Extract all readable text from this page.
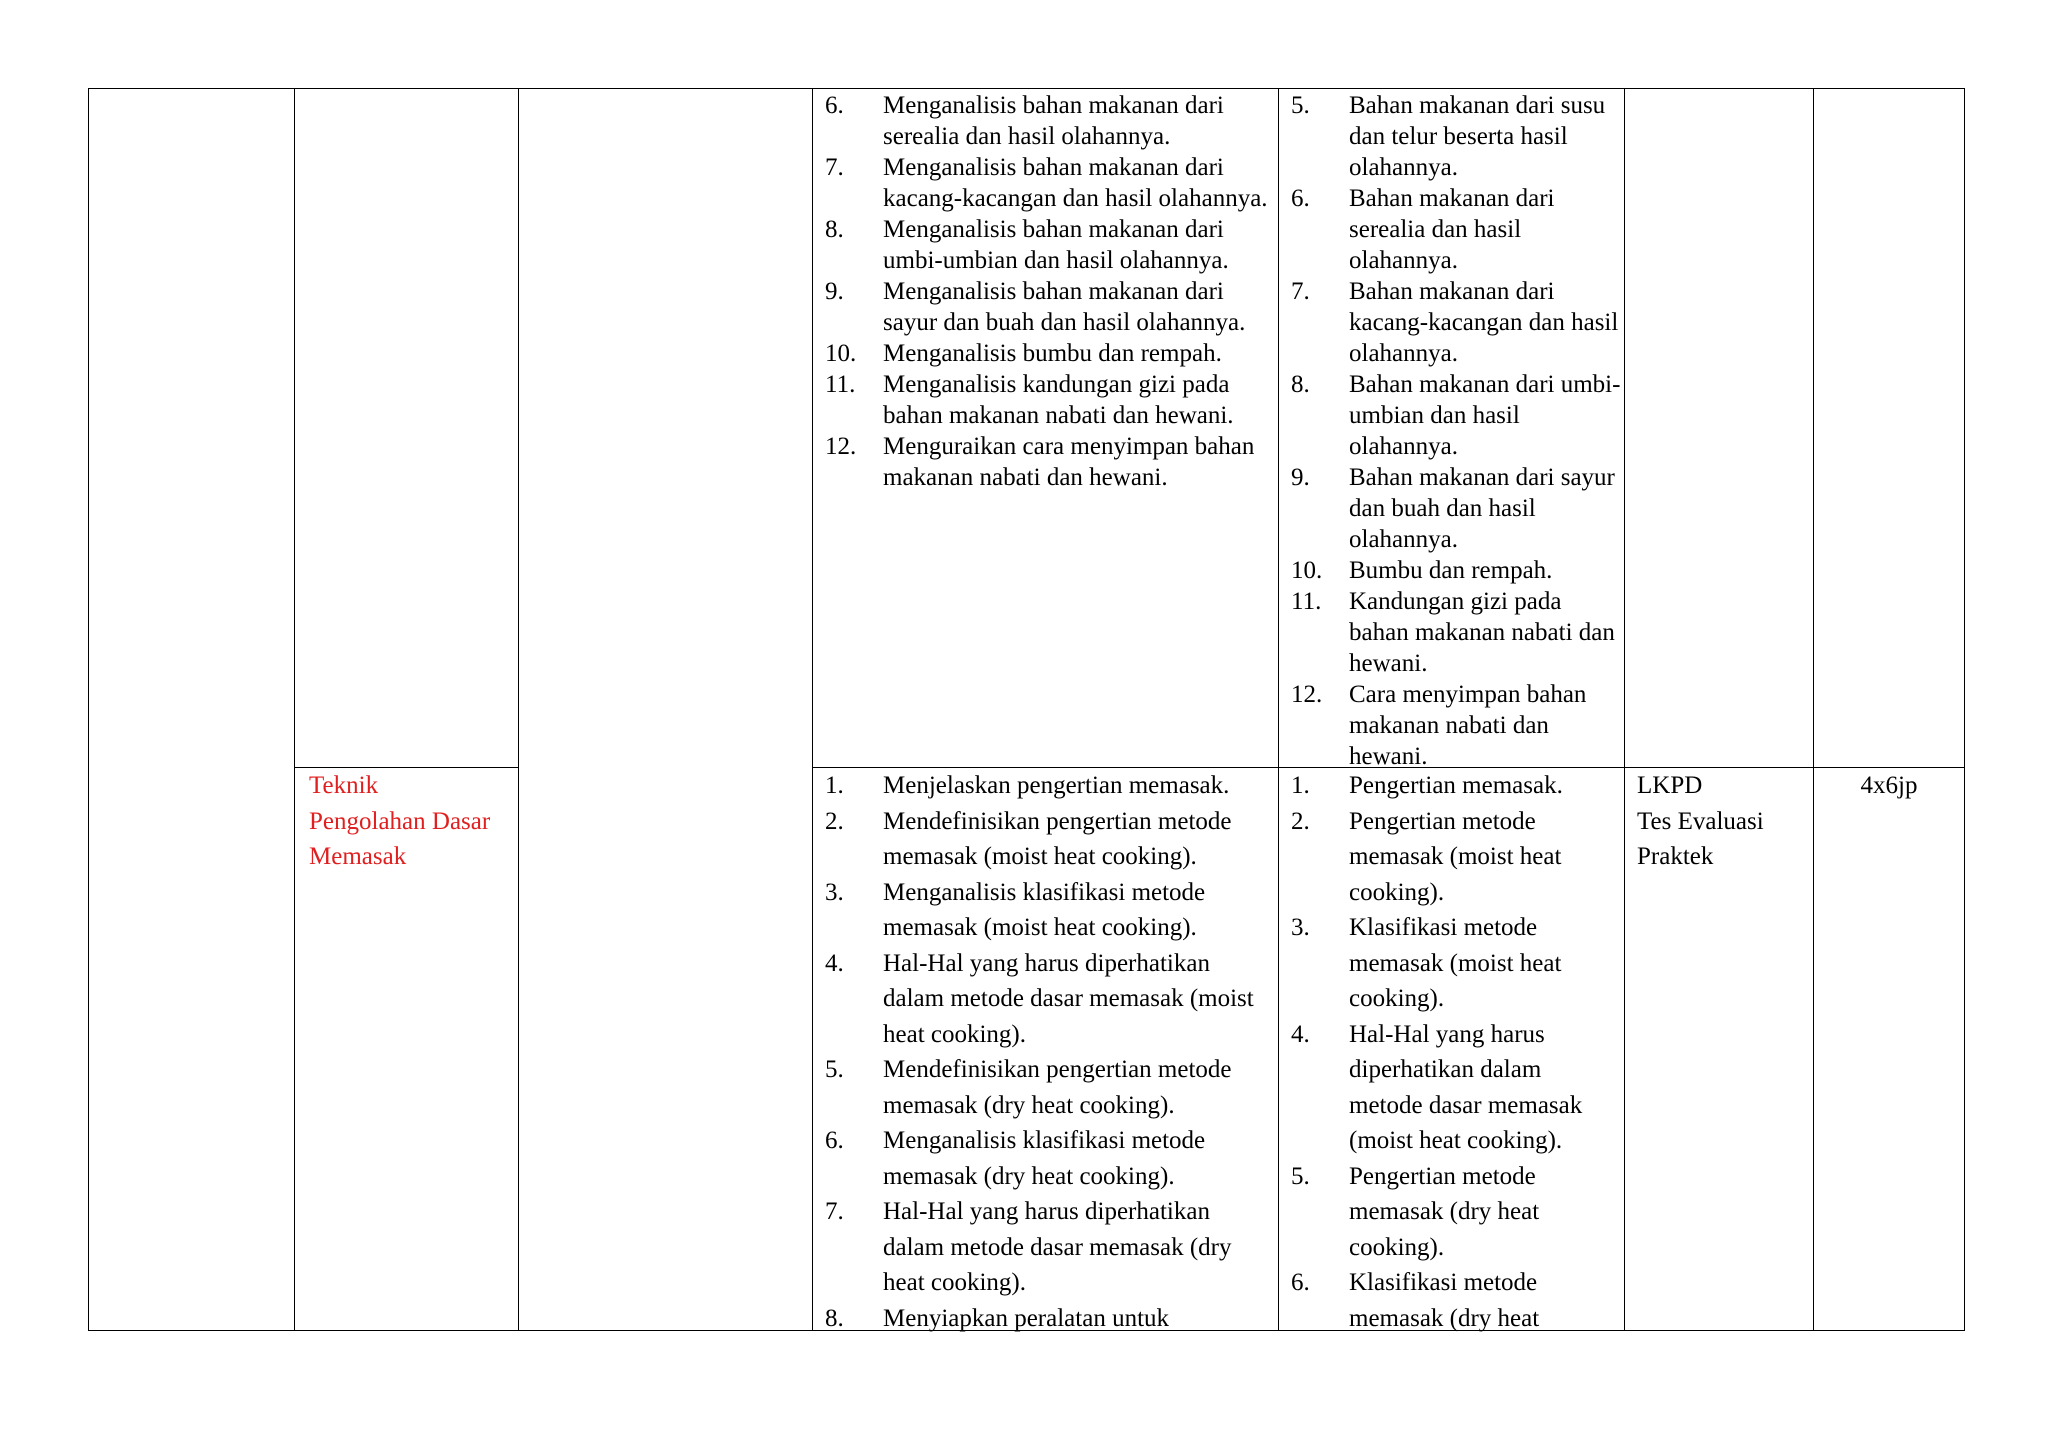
6. Menganalisis bahan makanan dari serealia dan hasil olahannya.
7. Menganalisis bahan makanan dari kacang-kacangan dan hasil olahannya.
8. Menganalisis bahan makanan dari umbi-umbian dan hasil olahannya.
9. Menganalisis bahan makanan dari sayur dan buah dan hasil olahannya.
10. Menganalisis bumbu dan rempah.
11. Menganalisis kandungan gizi pada bahan makanan nabati dan hewani.
12. Menguraikan cara menyimpan bahan makanan nabati dan hewani.
5. Bahan makanan dari susu dan telur beserta hasil olahannya.
6. Bahan makanan dari serealia dan hasil olahannya.
7. Bahan makanan dari kacang-kacangan dan hasil olahannya.
8. Bahan makanan dari umbi-umbian dan hasil olahannya.
9. Bahan makanan dari sayur dan buah dan hasil olahannya.
10. Bumbu dan rempah.
11. Kandungan gizi pada bahan makanan nabati dan hewani.
12. Cara menyimpan bahan makanan nabati dan hewani.
Teknik
Pengolahan Dasar
Memasak
1. Menjelaskan pengertian memasak.
2. Mendefinisikan pengertian metode memasak (moist heat cooking).
3. Menganalisis klasifikasi metode memasak (moist heat cooking).
4. Hal-Hal yang harus diperhatikan dalam metode dasar memasak (moist heat cooking).
5. Mendefinisikan pengertian metode memasak (dry heat cooking).
6. Menganalisis klasifikasi metode memasak (dry heat cooking).
7. Hal-Hal yang harus diperhatikan dalam metode dasar memasak (dry heat cooking).
8. Menyiapkan peralatan untuk
1. Pengertian memasak.
2. Pengertian metode memasak (moist heat cooking).
3. Klasifikasi metode memasak (moist heat cooking).
4. Hal-Hal yang harus diperhatikan dalam metode dasar memasak (moist heat cooking).
5. Pengertian metode memasak (dry heat cooking).
6. Klasifikasi metode memasak (dry heat
LKPD
Tes Evaluasi
Praktek
4x6jp
